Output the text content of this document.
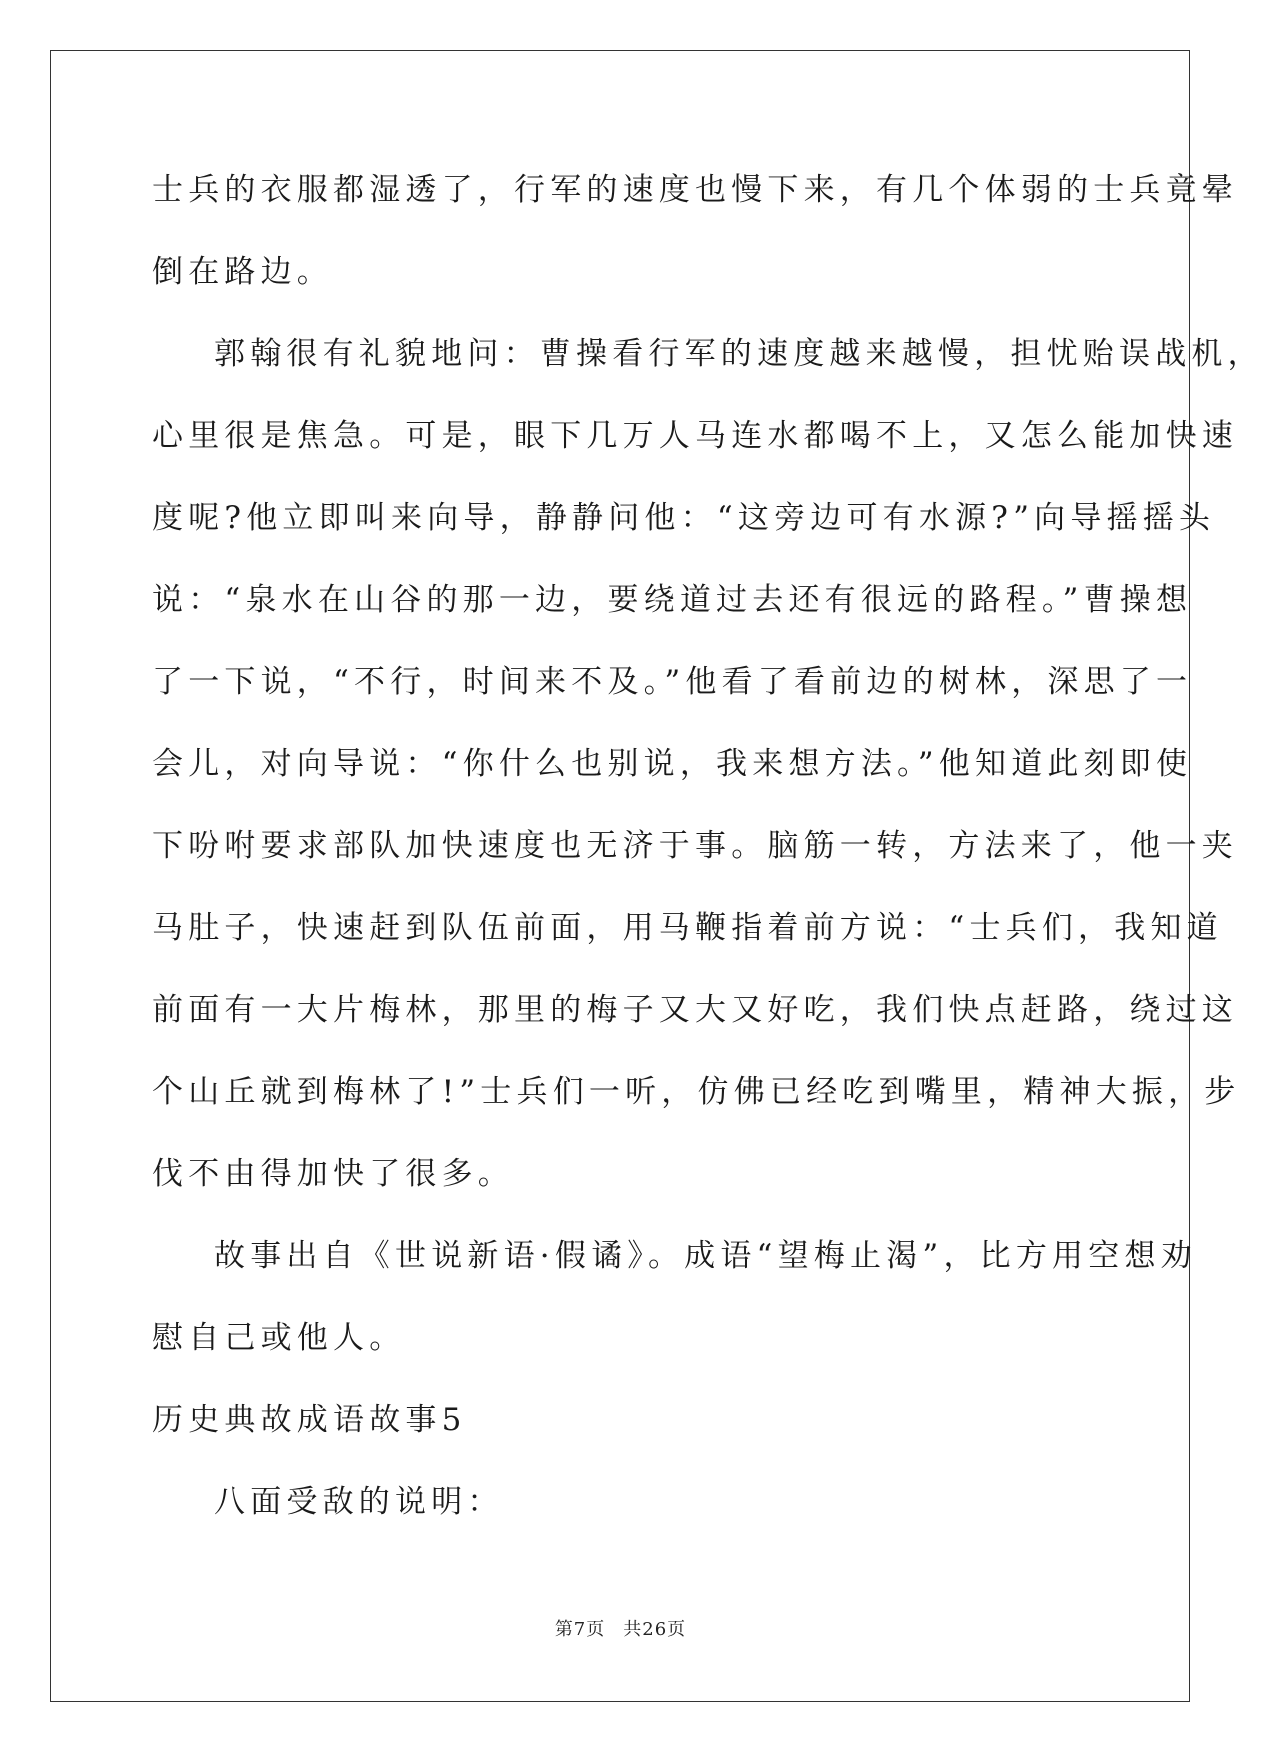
士兵的衣服都湿透了，行军的速度也慢下来，有几个体弱的士兵竟晕
倒在路边。
郭翰很有礼貌地问：曹操看行军的速度越来越慢，担忧贻误战机，
心里很是焦急。可是，眼下几万人马连水都喝不上，又怎么能加快速
度呢?他立即叫来向导，静静问他：“这旁边可有水源?”向导摇摇头
说：“泉水在山谷的那一边，要绕道过去还有很远的路程。”曹操想
了一下说，“不行，时间来不及。”他看了看前边的树林，深思了一
会儿，对向导说：“你什么也别说，我来想方法。”他知道此刻即使
下吩咐要求部队加快速度也无济于事。脑筋一转，方法来了，他一夹
马肚子，快速赶到队伍前面，用马鞭指着前方说：“士兵们，我知道
前面有一大片梅林，那里的梅子又大又好吃，我们快点赶路，绕过这
个山丘就到梅林了!”士兵们一听，仿佛已经吃到嘴里，精神大振，步
伐不由得加快了很多。
故事出自《世说新语·假谲》。成语“望梅止渴”，比方用空想劝
慰自己或他人。
历史典故成语故事5
八面受敌的说明：
第7页 共26页
